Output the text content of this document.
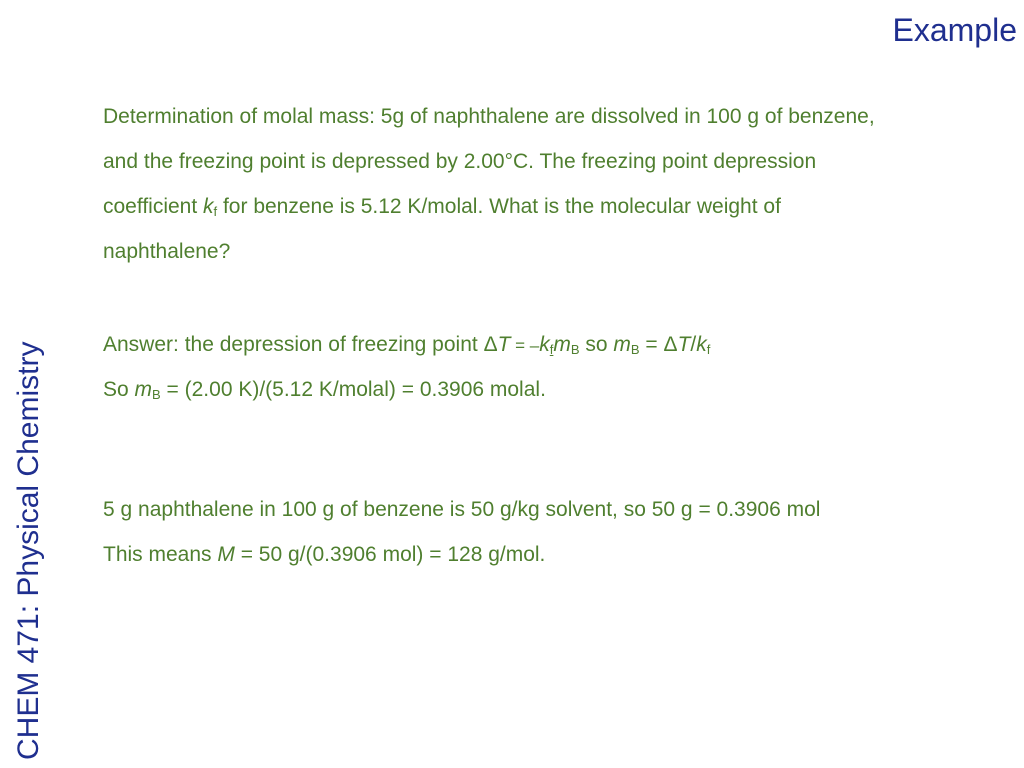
Example
CHEM 471: Physical Chemistry
Determination of molal mass: 5g of naphthalene are dissolved in 100 g of benzene,
and the freezing point is depressed by 2.00°C. The freezing point depression
coefficient $k_f$ for benzene is 5.12 K/molal. What is the molecular weight of
naphthalene?
Answer: the depression of freezing point $\Delta T = -k_fm_B$ so $m_B = \Delta T/k_f$
So $m_B = (2.00$ K)/(5.12 K/molal) = 0.3906 molal.
5 g naphthalene in 100 g of benzene is 50 g/kg solvent, so 50 g = 0.3906 mol
This means M = 50 g/(0.3906 mol) = 128 g/mol.
